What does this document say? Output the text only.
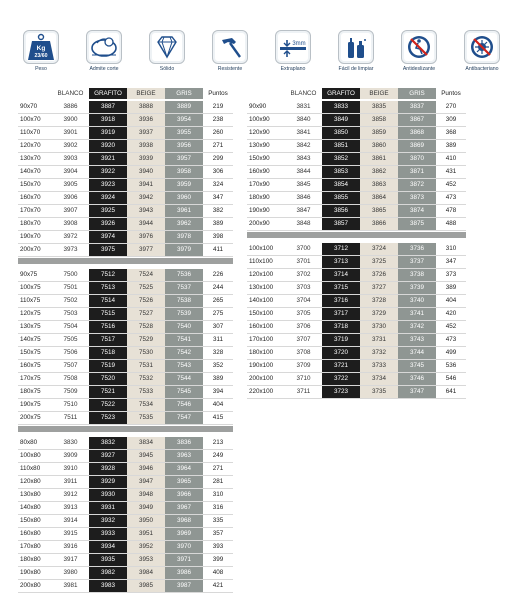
Kg
23/60
Peso	Admite corte	Sólido	Resistente
3mm
Extraplano	Fácil de limpiar	Antideslizante	Antibacteriano
BLANCO	GRAFITO	BEIGE	GRIS	Puntos
90x70	3886	3887	3888	3889	219
100x70	3900	3918	3936	3954	238
110x70	3901	3919	3937	3955	260
120x70	3902	3920	3938	3956	271
130x70	3903	3921	3939	3957	299
140x70	3904	3922	3940	3958	306
150x70	3905	3923	3941	3959	324
160x70	3906	3924	3942	3960	347
170x70	3907	3925	3943	3961	382
180x70	3908	3926	3944	3962	389
190x70	3972	3974	3976	3978	398
200x70	3973	3975	3977	3979	411
90x75	7500	7512	7524	7536	226
100x75	7501	7513	7525	7537	244
110x75	7502	7514	7526	7538	265
120x75	7503	7515	7527	7539	275
130x75	7504	7516	7528	7540	307
140x75	7505	7517	7529	7541	311
150x75	7506	7518	7530	7542	328
160x75	7507	7519	7531	7543	352
170x75	7508	7520	7532	7544	389
180x75	7509	7521	7533	7545	394
190x75	7510	7522	7534	7546	404
200x75	7511	7523	7535	7547	415
80x80	3830	3832	3834	3836	213
100x80	3909	3927	3945	3963	249
110x80	3910	3928	3946	3964	271
120x80	3911	3929	3947	3965	281
130x80	3912	3930	3948	3966	310
140x80	3913	3931	3949	3967	316
150x80	3914	3932	3950	3968	335
160x80	3915	3933	3951	3969	357
170x80	3916	3934	3952	3970	393
180x80	3917	3935	3953	3971	399
190x80	3980	3982	3984	3986	408
200x80	3981	3983	3985	3987	421
BLANCO	GRAFITO	BEIGE	GRIS	Puntos
90x90	3831	3833	3835	3837	270
100x90	3840	3849	3858	3867	309
120x90	3841	3850	3859	3868	368
130x90	3842	3851	3860	3869	389
150x90	3843	3852	3861	3870	410
160x90	3844	3853	3862	3871	431
170x90	3845	3854	3863	3872	452
180x90	3846	3855	3864	3873	473
190x90	3847	3856	3865	3874	478
200x90	3848	3857	3866	3875	488
100x100	3700	3712	3724	3736	310
110x100	3701	3713	3725	3737	347
120x100	3702	3714	3726	3738	373
130x100	3703	3715	3727	3739	389
140x100	3704	3716	3728	3740	404
150x100	3705	3717	3729	3741	420
160x100	3706	3718	3730	3742	452
170x100	3707	3719	3731	3743	473
180x100	3708	3720	3732	3744	499
190x100	3709	3721	3733	3745	536
200x100	3710	3722	3734	3746	546
220x100	3711	3723	3735	3747	641
